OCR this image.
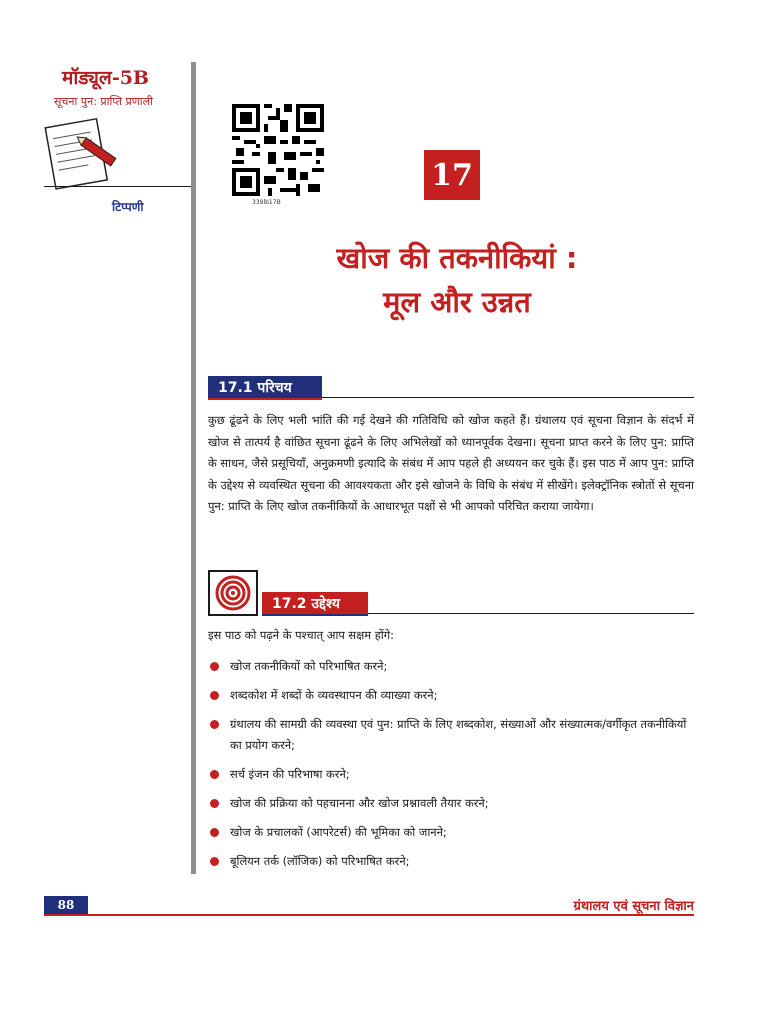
मॉड्यूल-5B
सूचना पुन: प्राप्ति प्रणाली
टिप्पणी	339lb17B
17
खोज की तकनीकियां :
मूल और उन्नत
17.1 परिचय
कुछ ढूंढने के लिए भली भांति की गई देखने की गतिविधि को खोज कहते हैं। ग्रंथालय एवं सूचना विज्ञान के संदर्भ में खोज से तात्पर्य है वांछित सूचना ढूंढने के लिए अभिलेखों को ध्यानपूर्वक देखना। सूचना प्राप्त करने के लिए पुन: प्राप्ति के साधन, जैसे प्रसूचियाँ, अनुक्रमणी इत्यादि के संबंध में आप पहले ही अध्ययन कर चुके हैं। इस पाठ में आप पुन: प्राप्ति के उद्देश्य से व्यवस्थित सूचना की आवश्यकता और इसे खोजने के विधि के संबंध में सीखेंगे। इलेक्ट्रॉनिक स्त्रोतों से सूचना पुन: प्राप्ति के लिए खोज तकनीकियों के आधारभूत पक्षों से भी आपको परिचित कराया जायेगा।
17.2 उद्देश्य
इस पाठ को पढ़ने के पश्चात् आप सक्षम होंगे:
खोज तकनीकियों को परिभाषित करने;
शब्दकोश में शब्दों के व्यवस्थापन की व्याख्या करने;
ग्रंथालय की सामग्री की व्यवस्था एवं पुन: प्राप्ति के लिए शब्दकोश, संख्याओं और संख्यात्मक/वर्गीकृत तकनीकियों का प्रयोग करने;
सर्च इंजन की परिभाषा करने;
खोज की प्रक्रिया को पहचानना और खोज प्रश्नावली तैयार करने;
खोज के प्रचालकों (आपरेटर्स) की भूमिका को जानने;
बूलियन तर्क (लॉजिक) को परिभाषित करने;
88	ग्रंथालय एवं सूचना विज्ञान
